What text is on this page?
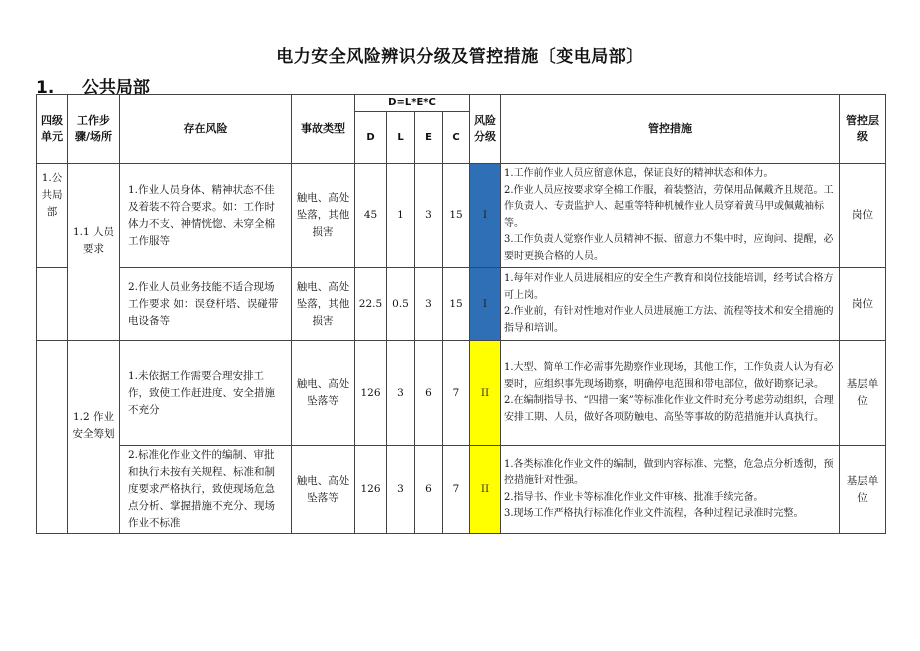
电力安全风险辨识分级及管控措施〔变电局部〕
1. 公共局部
四级单元	工作步骤/场所	存在风险	事故类型	D=L*E*C				风险分级	管控措施	管控层级
				D	L	E	C			
1.公共局部	1.1 人员要求	1.作业人员身体、精神状态不佳及着装不符合要求。如：工作时体力不支、神情恍惚、未穿全棉工作服等	触电、高处坠落，其他损害	45	1	3	15	I	1.工作前作业人员应留意休息，保证良好的精神状态和体力。
2.作业人员应按要求穿全棉工作服，着装整洁，劳保用品佩戴齐且规范。工作负责人、专责监护人、起重等特种机械作业人员穿着黄马甲或佩戴袖标等。
3.工作负责人觉察作业人员精神不振、留意力不集中时，应询问、提醒，必要时更换合格的人员。	岗位
		2.作业人员业务技能不适合现场工作要求 如：误登杆塔、误碰带电设备等	触电、高处坠落，其他损害	22.5	0.5	3	15	I	1.每年对作业人员进展相应的安全生产教育和岗位技能培训，经考试合格方可上岗。
2.作业前，有针对性地对作业人员进展施工方法、流程等技术和安全措施的指导和培训。	岗位
	1.2 作业安全筹划	1.未依据工作需要合理安排工作，致使工作赶进度、安全措施不充分	触电、高处坠落等	126	3	6	7	II	1.大型、简单工作必需事先勘察作业现场，其他工作，工作负责人认为有必要时，应组织事先现场勘察，明确停电范围和带电部位，做好勘察记录。
2.在编制指导书、“四措一案”等标准化作业文件时充分考虑劳动组织，合理安排工期、人员，做好各项防触电、高坠等事故的防范措施并认真执行。	基层单位
		2.标准化作业文件的编制、审批和执行未按有关规程、标准和制度要求严格执行，致使现场危急点分析、掌握措施不充分、现场作业不标准	触电、高处坠落等	126	3	6	7	II	1.各类标准化作业文件的编制，做到内容标准、完整，危急点分析透彻，预控措施针对性强。
2.指导书、作业卡等标准化作业文件审核、批准手续完备。
3.现场工作严格执行标准化作业文件流程，各种过程记录准时完整。	基层单位
